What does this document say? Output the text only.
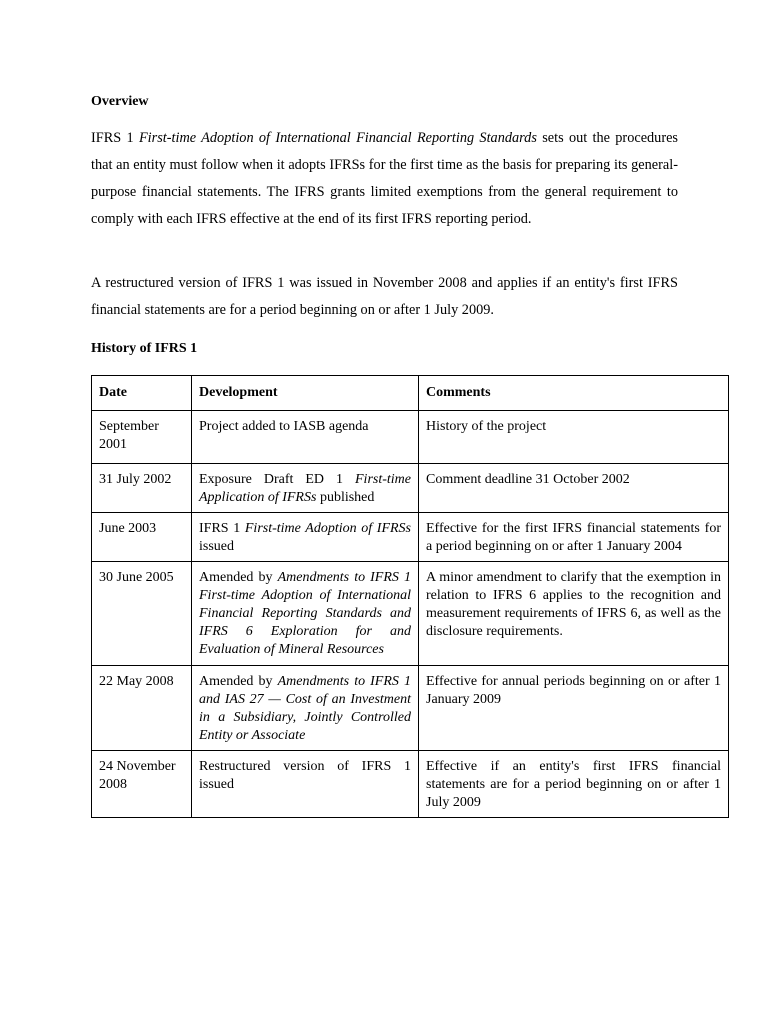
Overview

IFRS 1 First-time Adoption of International Financial Reporting Standards sets out the procedures that an entity must follow when it adopts IFRSs for the first time as the basis for preparing its general-purpose financial statements. The IFRS grants limited exemptions from the general requirement to comply with each IFRS effective at the end of its first IFRS reporting period.

A restructured version of IFRS 1 was issued in November 2008 and applies if an entity's first IFRS financial statements are for a period beginning on or after 1 July 2009.

History of IFRS 1
Date	Development	Comments
September 2001	Project added to IASB agenda	History of the project
31 July 2002	Exposure Draft ED 1 First-time Application of IFRSs published	Comment deadline 31 October 2002
June 2003	IFRS 1 First-time Adoption of IFRSs issued	Effective for the first IFRS financial statements for a period beginning on or after 1 January 2004
30 June 2005	Amended by Amendments to IFRS 1 First-time Adoption of International Financial Reporting Standards and IFRS 6 Exploration for and Evaluation of Mineral Resources	A minor amendment to clarify that the exemption in relation to IFRS 6 applies to the recognition and measurement requirements of IFRS 6, as well as the disclosure requirements.
22 May 2008	Amended by Amendments to IFRS 1 and IAS 27 — Cost of an Investment in a Subsidiary, Jointly Controlled Entity or Associate	Effective for annual periods beginning on or after 1 January 2009
24 November 2008	Restructured version of IFRS 1 issued	Effective if an entity's first IFRS financial statements are for a period beginning on or after 1 July 2009
